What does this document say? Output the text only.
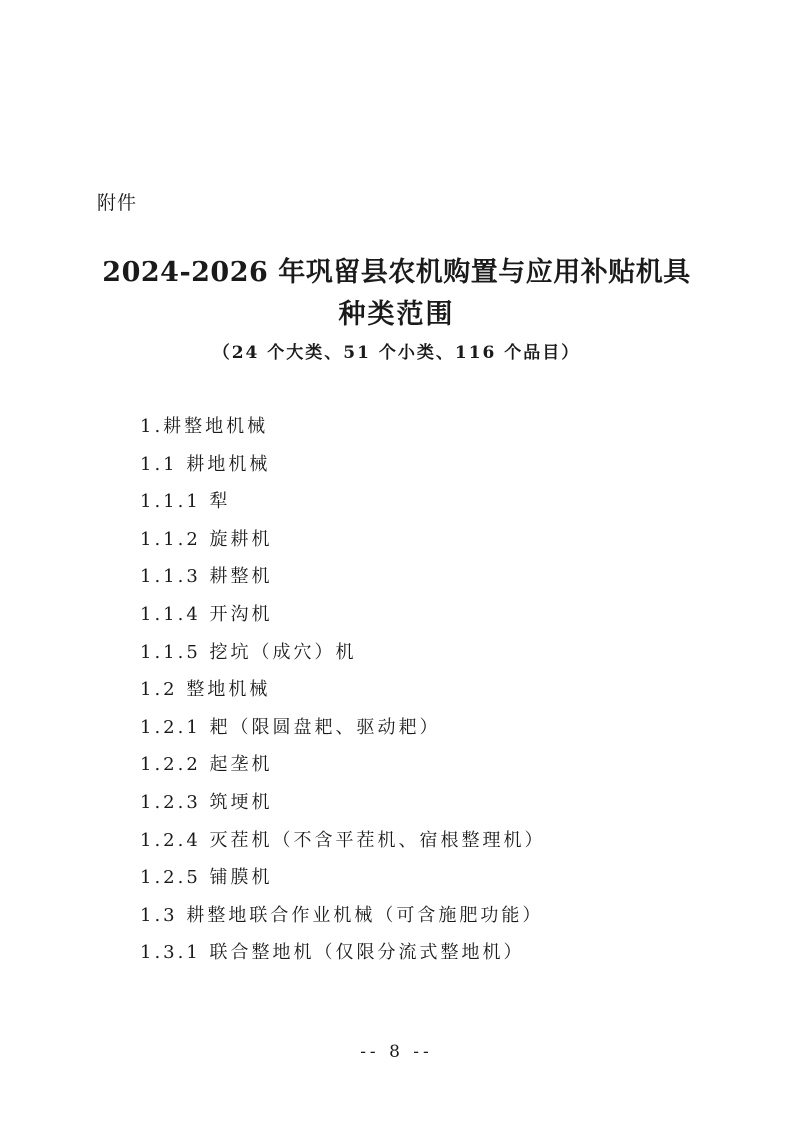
附件
2024-2026 年巩留县农机购置与应用补贴机具
种类范围
（24 个大类、51 个小类、116 个品目）
1.耕整地机械
1.1 耕地机械
1.1.1 犁
1.1.2 旋耕机
1.1.3 耕整机
1.1.4 开沟机
1.1.5 挖坑（成穴）机
1.2 整地机械
1.2.1 耙（限圆盘耙、驱动耙）
1.2.2 起垄机
1.2.3 筑埂机
1.2.4 灭茬机（不含平茬机、宿根整理机）
1.2.5 铺膜机
1.3 耕整地联合作业机械（可含施肥功能）
1.3.1 联合整地机（仅限分流式整地机）
-- 8 --
